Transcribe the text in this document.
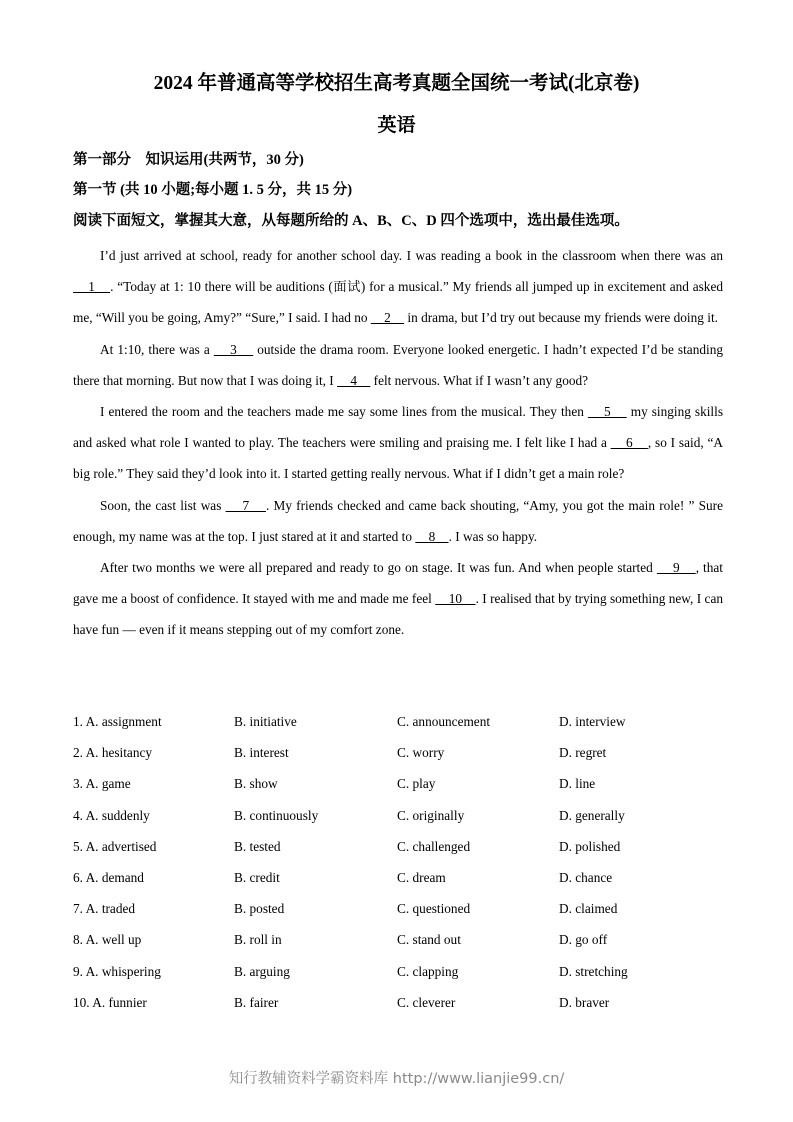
2024 年普通高等学校招生高考真题全国统一考试(北京卷)
英语
第一部分　知识运用(共两节，30 分)
第一节 (共 10 小题;每小题 1. 5 分，共 15 分)
阅读下面短文，掌握其大意，从每题所给的 A、B、C、D 四个选项中，选出最佳选项。

I’d just arrived at school, ready for another school day. I was reading a book in the classroom when there was an     1    . “Today at 1: 10 there will be auditions (面试) for a musical.” My friends all jumped up in excitement and asked me, “Will you be going, Amy?” “Sure,” I said. I had no     2     in drama, but I’d try out because my friends were doing it.

At 1:10, there was a     3     outside the drama room. Everyone looked energetic. I hadn’t expected I’d be standing there that morning. But now that I was doing it, I     4     felt nervous. What if I wasn’t any good?

I entered the room and the teachers made me say some lines from the musical. They then     5     my singing skills and asked what role I wanted to play. The teachers were smiling and praising me. I felt like I had a     6    , so I said, “A big role.” They said they’d look into it. I started getting really nervous. What if I didn’t get a main role?

Soon, the cast list was     7    . My friends checked and came back shouting, “Amy, you got the main role! ” Sure enough, my name was at the top. I just stared at it and started to     8    . I was so happy.

After two months we were all prepared and ready to go on stage. It was fun. And when people started     9    , that gave me a boost of confidence. It stayed with me and made me feel     10    . I realised that by trying something new, I can have fun — even if it means stepping out of my comfort zone.

1. A. assignment	B. initiative	C. announcement	D. interview
2. A. hesitancy	B. interest	C. worry	D. regret
3. A. game	B. show	C. play	D. line
4. A. suddenly	B. continuously	C. originally	D. generally
5. A. advertised	B. tested	C. challenged	D. polished
6. A. demand	B. credit	C. dream	D. chance
7. A. traded	B. posted	C. questioned	D. claimed
8. A. well up	B. roll in	C. stand out	D. go off
9. A. whispering	B. arguing	C. clapping	D. stretching
10. A. funnier	B. fairer	C. cleverer	D. braver
知行教辅资料学霸资料库 http://www.lianjie99.cn/
